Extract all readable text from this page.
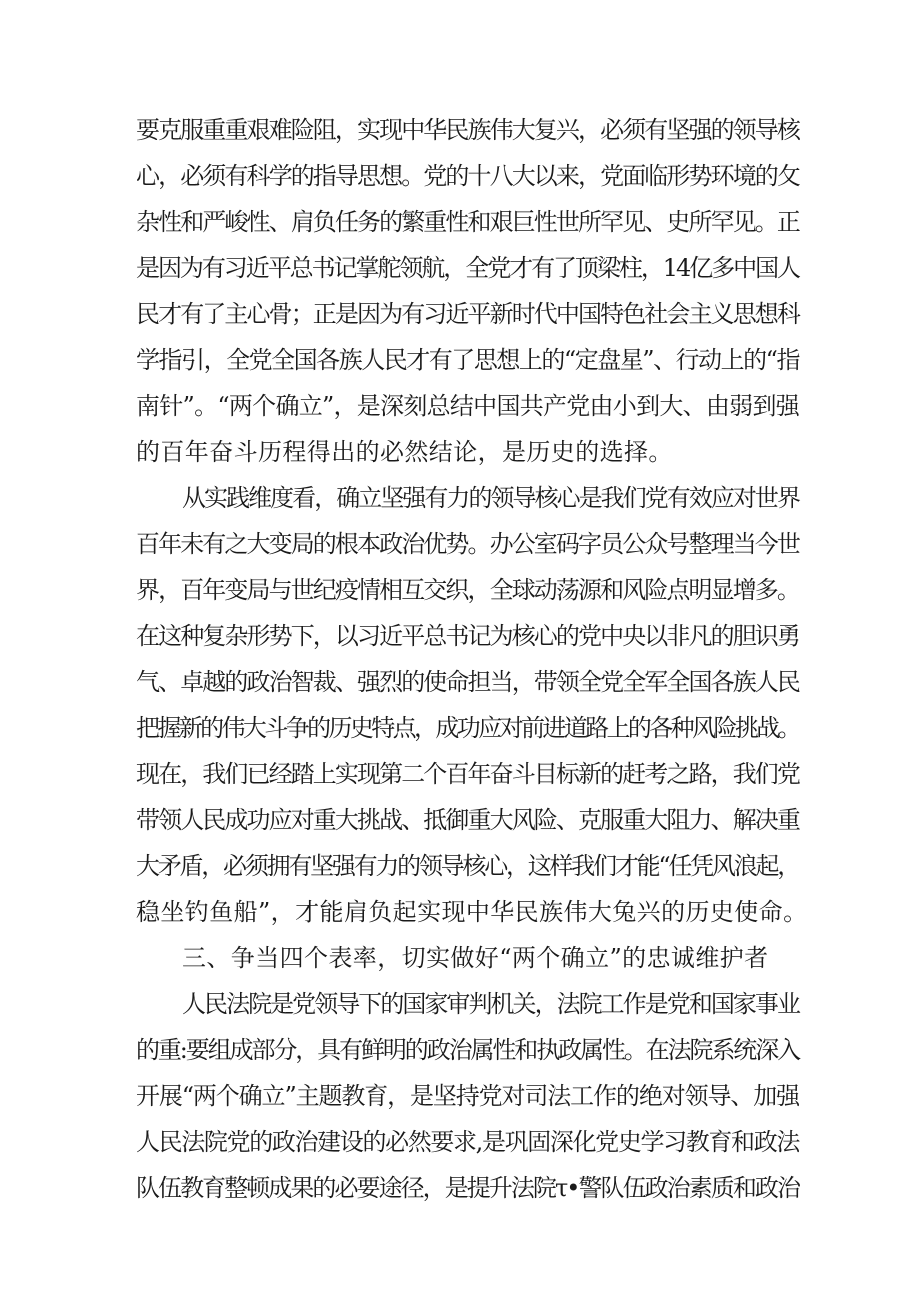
要克服重重艰难险阻，实现中华民族伟大复兴，必须有坚强的领导核
心，必须有科学的指导思想。党的十八大以来，党面临形势环境的攵
杂性和严峻性、肩负任务的繁重性和艰巨性世所罕见、史所罕见。正
是因为有习近平总书记掌舵领航，全党才有了顶梁柱，14亿多中国人
民才有了主心骨；正是因为有习近平新时代中国特色社会主义思想科
学指引，全党全国各族人民才有了思想上的“定盘星”、行动上的“指
南针”。“两个确立”，是深刻总结中国共产党由小到大、由弱到强
的百年奋斗历程得出的必然结论，是历史的选择。
从实践维度看，确立坚强有力的领导核心是我们党有效应对世界
百年未有之大变局的根本政治优势。办公室码字员公众号整理当今世
界，百年变局与世纪疫情相互交织，全球动荡源和风险点明显增多。
在这种复杂形势下，以习近平总书记为核心的党中央以非凡的胆识勇
气、卓越的政治智裁、强烈的使命担当，带领全党全军全国各族人民
把握新的伟大斗争的历史特点，成功应对前进道路上的各种风险挑战。
现在，我们已经踏上实现第二个百年奋斗目标新的赶考之路，我们党
带领人民成功应对重大挑战、抵御重大风险、克服重大阻力、解决重
大矛盾，必须拥有坚强有力的领导核心，这样我们才能“任凭风浪起，
稳坐钓鱼船”，才能肩负起实现中华民族伟大兔兴的历史使命。
三、争当四个表率，切实做好“两个确立”的忠诚维护者
人民法院是党领导下的国家审判机关，法院工作是党和国家事业
的重:要组成部分，具有鲜明的政治属性和执政属性。在法院系统深入
开展“两个确立”主题教育，是坚持党对司法工作的绝对领导、加强
人民法院党的政治建设的必然要求,是巩固深化党史学习教育和政法
队伍教育整顿成果的必要途径，是提升法院τ•警队伍政治素质和政治
